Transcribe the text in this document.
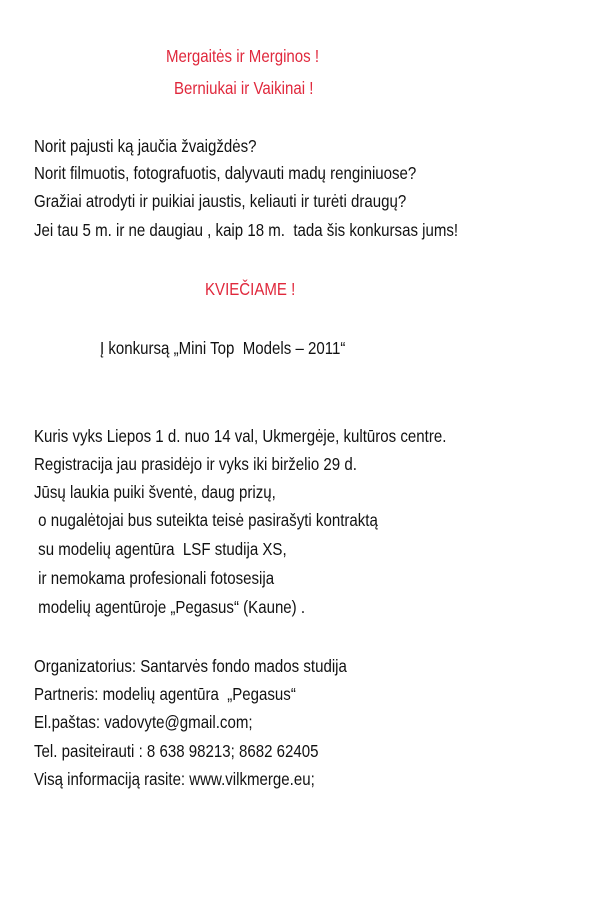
Mergaitės ir Merginos !
Berniukai ir Vaikinai !
Norit pajusti ką jaučia žvaigždės?
Norit filmuotis, fotografuotis, dalyvauti madų renginiuose?
Gražiai atrodyti ir puikiai jaustis, keliauti ir turėti draugų?
Jei tau 5 m. ir ne daugiau , kaip 18 m.  tada šis konkursas jums!
KVIEČIAME !
Į konkursą „Mini Top  Models – 2011“
Kuris vyks Liepos 1 d. nuo 14 val, Ukmergėje, kultūros centre.
Registracija jau prasidėjo ir vyks iki birželio 29 d.
Jūsų laukia puiki šventė, daug prizų,
o nugalėtojai bus suteikta teisė pasirašyti kontraktą
su modelių agentūra  LSF studija XS,
ir nemokama profesionali fotosesija
modelių agentūroje „Pegasus“ (Kaune) .
Organizatorius: Santarvės fondo mados studija
Partneris: modelių agentūra  „Pegasus“
El.paštas: vadovyte@gmail.com;
Tel. pasiteirauti : 8 638 98213; 8682 62405
Visą informaciją rasite: www.vilkmerge.eu;
